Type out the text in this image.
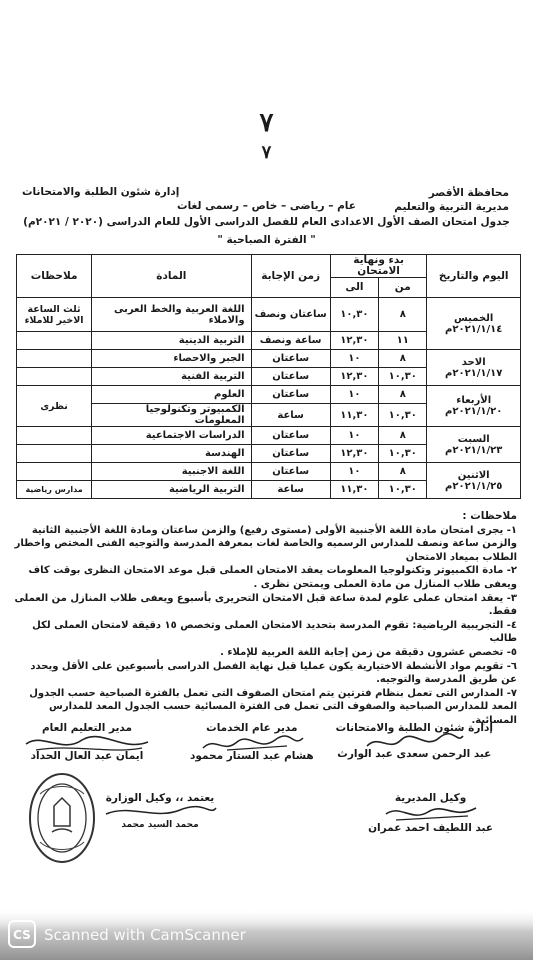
٧
٧
محافظة الأقصر
مديرية التربية والتعليم
إدارة شئون الطلبة والامتحانات
عام – رياضى – خاص – رسمى لغات
جدول امتحان الصف الأول الاعدادى العام للفصل الدراسى الأول للعام الدراسى (٢٠٢٠ / ٢٠٢١م)
" الفترة الصباحية "
اليوم والتاريخ	بدء ونهاية الامتحان		زمن الإجابة	المادة	ملاحظات
	من	الى			

الخميس
٢٠٢١/١/١٤م	٨	١٠,٣٠	ساعتان ونصف	اللغة العربية والخط العربى والاملاء	ثلث الساعة الاخير للاملاء
	١١	١٢,٣٠	ساعة ونصف	التربية الدينية	

الاحد
٢٠٢١/١/١٧م	٨	١٠	ساعتان	الجبر والاحصاء	
	١٠,٣٠	١٢,٣٠	ساعتان	التربية الفنية	

الأربعاء
٢٠٢١/١/٢٠م	٨	١٠	ساعتان	العلوم	نظرى
	١٠,٣٠	١١,٣٠	ساعة	الكمبيوتر وتكنولوجيا المعلومات	

السبت
٢٠٢١/١/٢٣م	٨	١٠	ساعتان	الدراسات الاجتماعية	
	١٠,٣٠	١٢,٣٠	ساعتان	الهندسة	

الاثنين
٢٠٢١/١/٢٥م	٨	١٠	ساعتان	اللغة الاجنبية	
	١٠,٣٠	١١,٣٠	ساعة	التربية الرياضية	مدارس رياضية

ملاحظات :

١- يجرى امتحان مادة اللغة الأجنبية الأولى (مستوى رفيع) والزمن ساعتان ومادة اللغة الأجنبية الثانية والزمن ساعة ونصف للمدارس الرسميه والخاصة لغات بمعرفة المدرسة والتوجيه الفنى المختص واخطار الطلاب بميعاد الامتحان

٢- مادة الكمبيوتر وتكنولوجيا المعلومات يعقد الامتحان العملى قبل موعد الامتحان النظرى بوقت كاف ويعفى طلاب المنازل من مادة العملى ويمتحن نظرى .

٣- يعقد امتحان عملى علوم لمدة ساعة قبل الامتحان التحريرى بأسبوع ويعفى طلاب المنازل من العملى فقط.

٤- التجريبية الرياضية: تقوم المدرسة بتحديد الامتحان العملى وتخصص ١٥ دقيقة لامتحان العملى لكل طالب

٥- تخصص عشرون دقيقة من زمن إجابة اللغة العربية للإملاء .

٦- تقويم مواد الأنشطة الاختيارية يكون عمليا قبل نهاية الفصل الدراسى بأسبوعين على الأقل ويحدد عن طريق المدرسة والتوجيه.

٧- المدارس التى تعمل بنظام فترتين يتم امتحان الصفوف التى تعمل بالفترة الصباحية حسب الجدول المعد للمدارس الصباحية والصفوف التى تعمل فى الفترة المسائية حسب الجدول المعد للمدارس المسائية.

إدارة شئون الطلبة والامتحانات
عبد الرحمن سعدى عبد الوارث
مدير عام الخدمات
هشام عبد الستار محمود
مدير التعليم العام
ايمان عبد العال الحداد
وكيل المديرية
عبد اللطيف احمد عمران
يعتمد ،، وكيل الوزارة
محمد السيد محمد
CS Scanned with CamScanner
